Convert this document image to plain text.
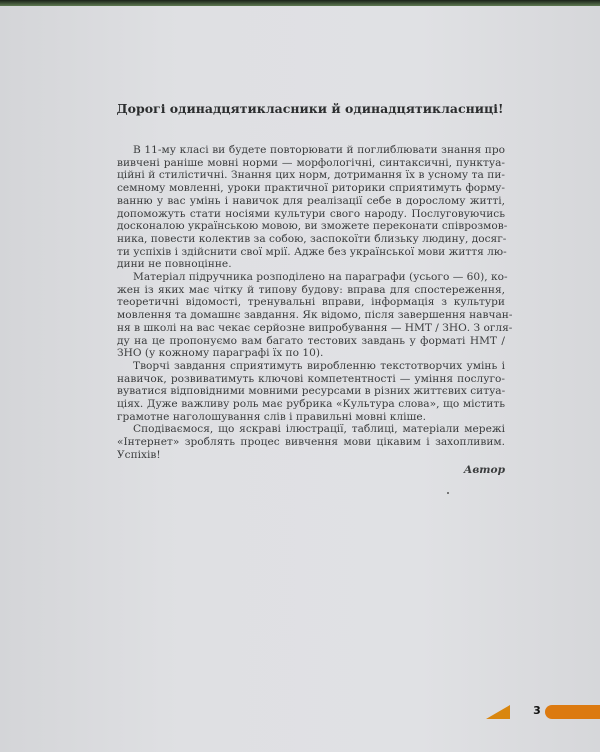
Дорогі одинадцятикласники й одинадцятикласниці!
В 11-му класі ви будете повторювати й поглиблювати знання про
вивчені раніше мовні норми — морфологічні, синтаксичні, пунктуа-
ційні й стилістичні. Знання цих норм, дотримання їх в усному та пи-
семному мовленні, уроки практичної риторики сприятимуть форму-
ванню у вас умінь і навичок для реалізації себе в дорослому житті,
допоможуть стати носіями культури свого народу. Послуговуючись
досконалою українською мовою, ви зможете переконати співрозмов-
ника, повести колектив за собою, заспокоїти близьку людину, досяг-
ти успіхів і здійснити свої мрії. Адже без української мови життя лю-
дини не повноцінне.
Матеріал підручника розподілено на параграфи (усього — 60), ко-
жен із яких має чітку й типову будову: вправа для спостереження,
теоретичні відомості, тренувальні вправи, інформація з культури
мовлення та домашнє завдання. Як відомо, після завершення навчан-
ня в школі на вас чекає серйозне випробування — НМТ / ЗНО. З огля-
ду на це пропонуємо вам багато тестових завдань у форматі НМТ /
ЗНО (у кожному параграфі їх по 10).
Творчі завдання сприятимуть виробленню текстотворчих умінь і
навичок, розвиватимуть ключові компетентності — уміння послуго-
вуватися відповідними мовними ресурсами в різних життєвих ситуа-
ціях. Дуже важливу роль має рубрика «Культура слова», що містить
грамотне наголошування слів і правильні мовні кліше.
Сподіваємося, що яскраві ілюстрації, таблиці, матеріали мережі
«Інтернет» зроблять процес вивчення мови цікавим і захопливим.
Успіхів!
Автор
3
